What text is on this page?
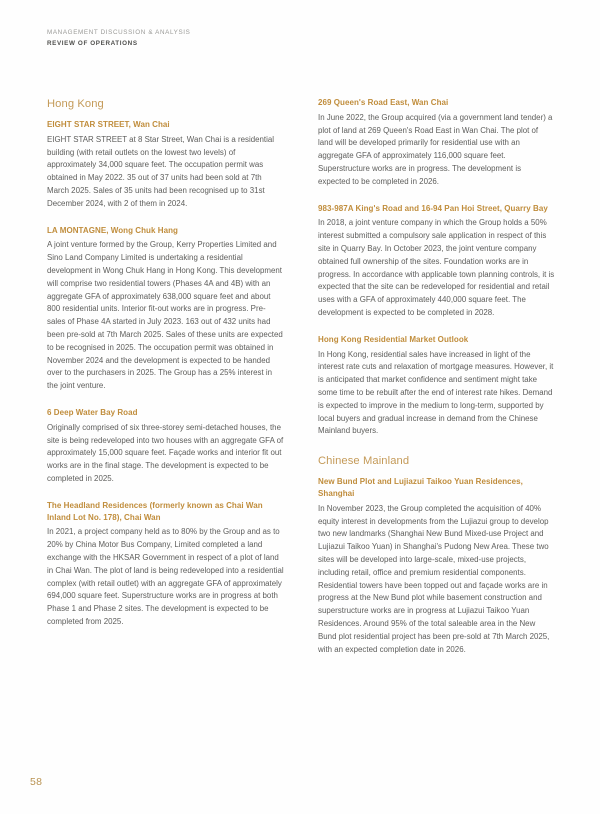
MANAGEMENT DISCUSSION & ANALYSIS
REVIEW OF OPERATIONS
Hong Kong
EIGHT STAR STREET, Wan Chai

EIGHT STAR STREET at 8 Star Street, Wan Chai is a residential building (with retail outlets on the lowest two levels) of approximately 34,000 square feet. The occupation permit was obtained in May 2022. 35 out of 37 units had been sold at 7th March 2025. Sales of 35 units had been recognised up to 31st December 2024, with 2 of them in 2024.

LA MONTAGNE, Wong Chuk Hang

A joint venture formed by the Group, Kerry Properties Limited and Sino Land Company Limited is undertaking a residential development in Wong Chuk Hang in Hong Kong. This development will comprise two residential towers (Phases 4A and 4B) with an aggregate GFA of approximately 638,000 square feet and about 800 residential units. Interior fit-out works are in progress. Pre-sales of Phase 4A started in July 2023. 163 out of 432 units had been pre-sold at 7th March 2025. Sales of these units are expected to be recognised in 2025. The occupation permit was obtained in November 2024 and the development is expected to be handed over to the purchasers in 2025. The Group has a 25% interest in the joint venture.

6 Deep Water Bay Road

Originally comprised of six three-storey semi-detached houses, the site is being redeveloped into two houses with an aggregate GFA of approximately 15,000 square feet. Façade works and interior fit out works are in the final stage. The development is expected to be completed in 2025.

The Headland Residences (formerly known as Chai Wan Inland Lot No. 178), Chai Wan

In 2021, a project company held as to 80% by the Group and as to 20% by China Motor Bus Company, Limited completed a land exchange with the HKSAR Government in respect of a plot of land in Chai Wan. The plot of land is being redeveloped into a residential complex (with retail outlet) with an aggregate GFA of approximately 694,000 square feet. Superstructure works are in progress at both Phase 1 and Phase 2 sites. The development is expected to be completed from 2025.

269 Queen's Road East, Wan Chai

In June 2022, the Group acquired (via a government land tender) a plot of land at 269 Queen's Road East in Wan Chai. The plot of land will be developed primarily for residential use with an aggregate GFA of approximately 116,000 square feet. Superstructure works are in progress. The development is expected to be completed in 2026.

983-987A King's Road and 16-94 Pan Hoi Street, Quarry Bay

In 2018, a joint venture company in which the Group holds a 50% interest submitted a compulsory sale application in respect of this site in Quarry Bay. In October 2023, the joint venture company obtained full ownership of the sites. Foundation works are in progress. In accordance with applicable town planning controls, it is expected that the site can be redeveloped for residential and retail uses with a GFA of approximately 440,000 square feet. The development is expected to be completed in 2028.

Hong Kong Residential Market Outlook

In Hong Kong, residential sales have increased in light of the interest rate cuts and relaxation of mortgage measures. However, it is anticipated that market confidence and sentiment might take some time to be rebuilt after the end of interest rate hikes. Demand is expected to improve in the medium to long-term, supported by local buyers and gradual increase in demand from the Chinese Mainland buyers.

Chinese Mainland
New Bund Plot and Lujiazui Taikoo Yuan Residences, Shanghai

In November 2023, the Group completed the acquisition of 40% equity interest in developments from the Lujiazui group to develop two new landmarks (Shanghai New Bund Mixed-use Project and Lujiazui Taikoo Yuan) in Shanghai's Pudong New Area. These two sites will be developed into large-scale, mixed-use projects, including retail, office and premium residential components. Residential towers have been topped out and façade works are in progress at the New Bund plot while basement construction and superstructure works are in progress at Lujiazui Taikoo Yuan Residences. Around 95% of the total saleable area in the New Bund plot residential project has been pre-sold at 7th March 2025, with an expected completion date in 2026.

58
